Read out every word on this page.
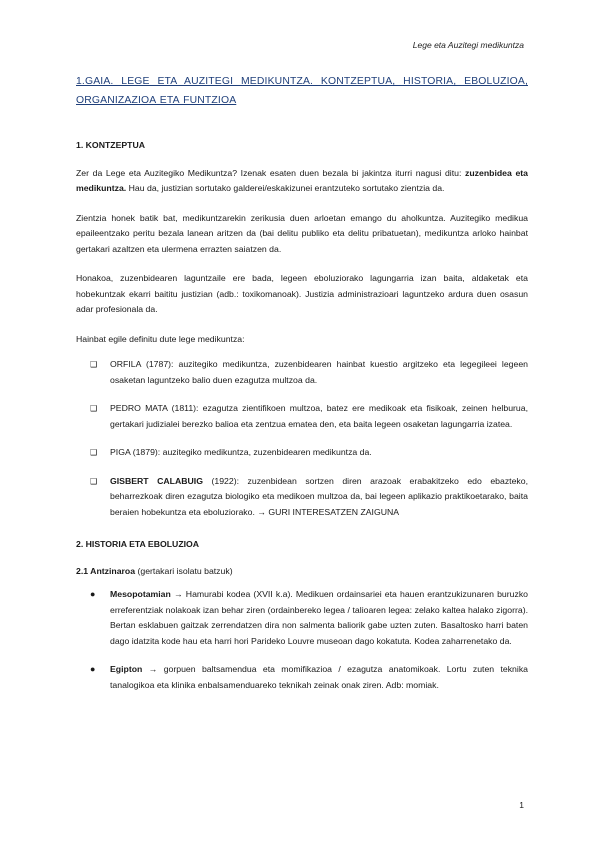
Lege eta Auzitegi medikuntza
1.GAIA. LEGE ETA AUZITEGI MEDIKUNTZA. KONTZEPTUA, HISTORIA, EBOLUZIOA, ORGANIZAZIOA ETA FUNTZIOA
1. KONTZEPTUA

Zer da Lege eta Auzitegiko Medikuntza? Izenak esaten duen bezala bi jakintza iturri nagusi ditu: zuzenbidea eta medikuntza. Hau da, justizian sortutako galderei/eskakizunei erantzuteko sortutako zientzia da.

Zientzia honek batik bat, medikuntzarekin zerikusia duen arloetan emango du aholkuntza. Auzitegiko medikua epaileentzako peritu bezala lanean aritzen da (bai delitu publiko eta delitu pribatuetan), medikuntza arloko hainbat gertakari azaltzen eta ulermena errazten saiatzen da.

Honakoa, zuzenbidearen laguntzaile ere bada, legeen eboluziorako lagungarria izan baita, aldaketak eta hobekuntzak ekarri baititu justizian (adb.: toxikomanoak). Justizia administrazioari laguntzeko ardura duen osasun adar profesionala da.

Hainbat egile definitu dute lege medikuntza:

❑ ORFILA (1787): auzitegiko medikuntza, zuzenbidearen hainbat kuestio argitzeko eta legegileei legeen osaketan laguntzeko balio duen ezagutza multzoa da.
❑ PEDRO MATA (1811): ezagutza zientifikoen multzoa, batez ere medikoak eta fisikoak, zeinen helburua, gertakari judizialei berezko balioa eta zentzua ematea den, eta baita legeen osaketan lagungarria izatea.
❑ PIGA (1879): auzitegiko medikuntza, zuzenbidearen medikuntza da.
❑ GISBERT CALABUIG (1922): zuzenbidean sortzen diren arazoak erabakitzeko edo ebazteko, beharrezkoak diren ezagutza biologiko eta medikoen multzoa da, bai legeen aplikazio praktikoetarako, baita beraien hobekuntza eta eboluziorako. → GURI INTERESATZEN ZAIGUNA
2. HISTORIA ETA EBOLUZIOA
2.1 Antzinaroa (gertakari isolatu batzuk)
● Mesopotamian → Hamurabi kodea (XVII k.a). Medikuen ordainsariei eta hauen erantzukizunaren buruzko erreferentziak nolakoak izan behar ziren (ordainbereko legea / talioaren legea: zelako kaltea halako zigorra). Bertan esklabuen gaitzak zerrendatzen dira non salmenta baliorik gabe uzten zuten. Basaltosko harri baten dago idatzita kode hau eta harri hori Parideko Louvre museoan dago kokatuta. Kodea zaharrenetako da.
● Egipton → gorpuen baltsamendua eta momifikazioa / ezagutza anatomikoak. Lortu zuten teknika tanalogikoa eta klinika enbalsamenduareko teknikah zeinak onak ziren. Adb: momiak.
1
